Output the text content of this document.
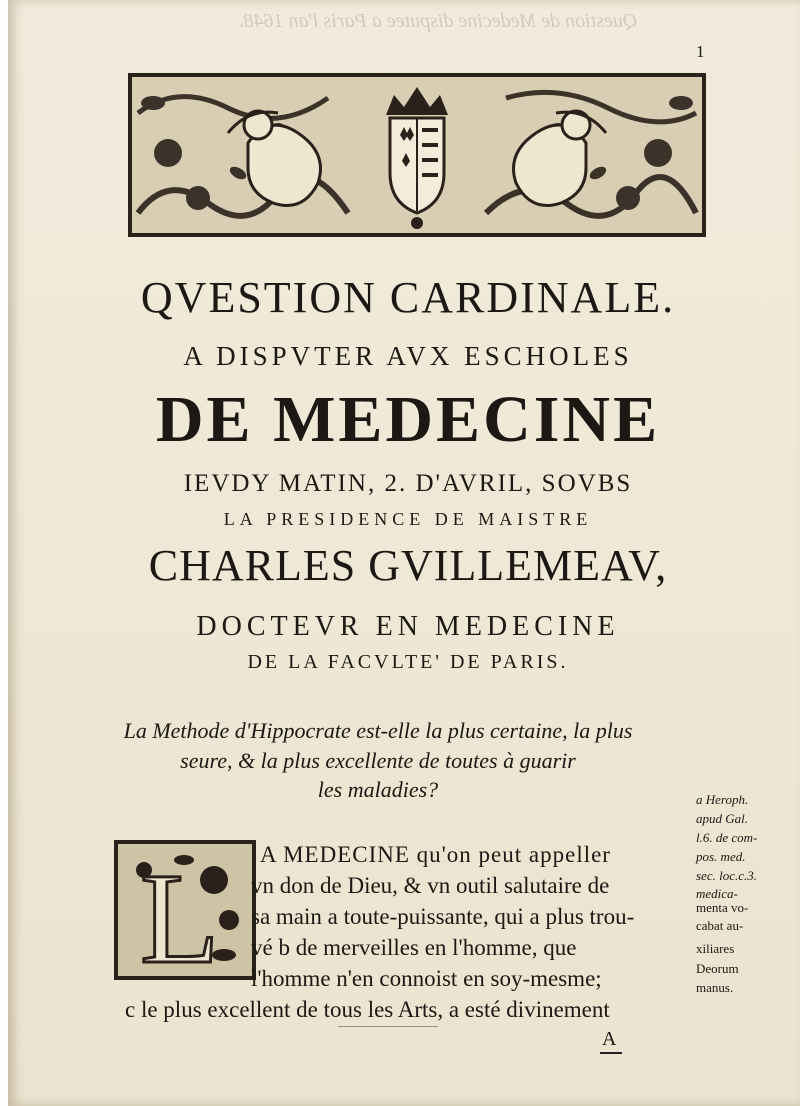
Question de Medecine disputee a Paris l'an 1648.
1
QVESTION CARDINALE.
A DISPVTER AVX ESCHOLES
DE MEDECINE
IEVDY MATIN, 2. D'AVRIL, SOVBS
LA PRESIDENCE DE MAISTRE
CHARLES GVILLEMEAV,
DOCTEVR EN MEDECINE
DE LA FACVLTE' DE PARIS.
La Methode d'Hippocrate est-elle la plus certaine, la plus
seure, & la plus excellente de toutes à guarir
les maladies?
L A MEDECINE qu'on peut appeller
vn don de Dieu, & vn outil salutaire de
sa main a toute-puissante, qui a plus trou-
vé b de merveilles en l'homme, que
l'homme n'en connoist en soy-mesme;
c le plus excellent de tous les Arts, a esté divinement
a Heroph.
apud Gal.
l.6. de com-
pos. med.
sec. loc.c.3.
medica-
menta vo-
cabat au-
xiliares
Deorum
manus.
A
